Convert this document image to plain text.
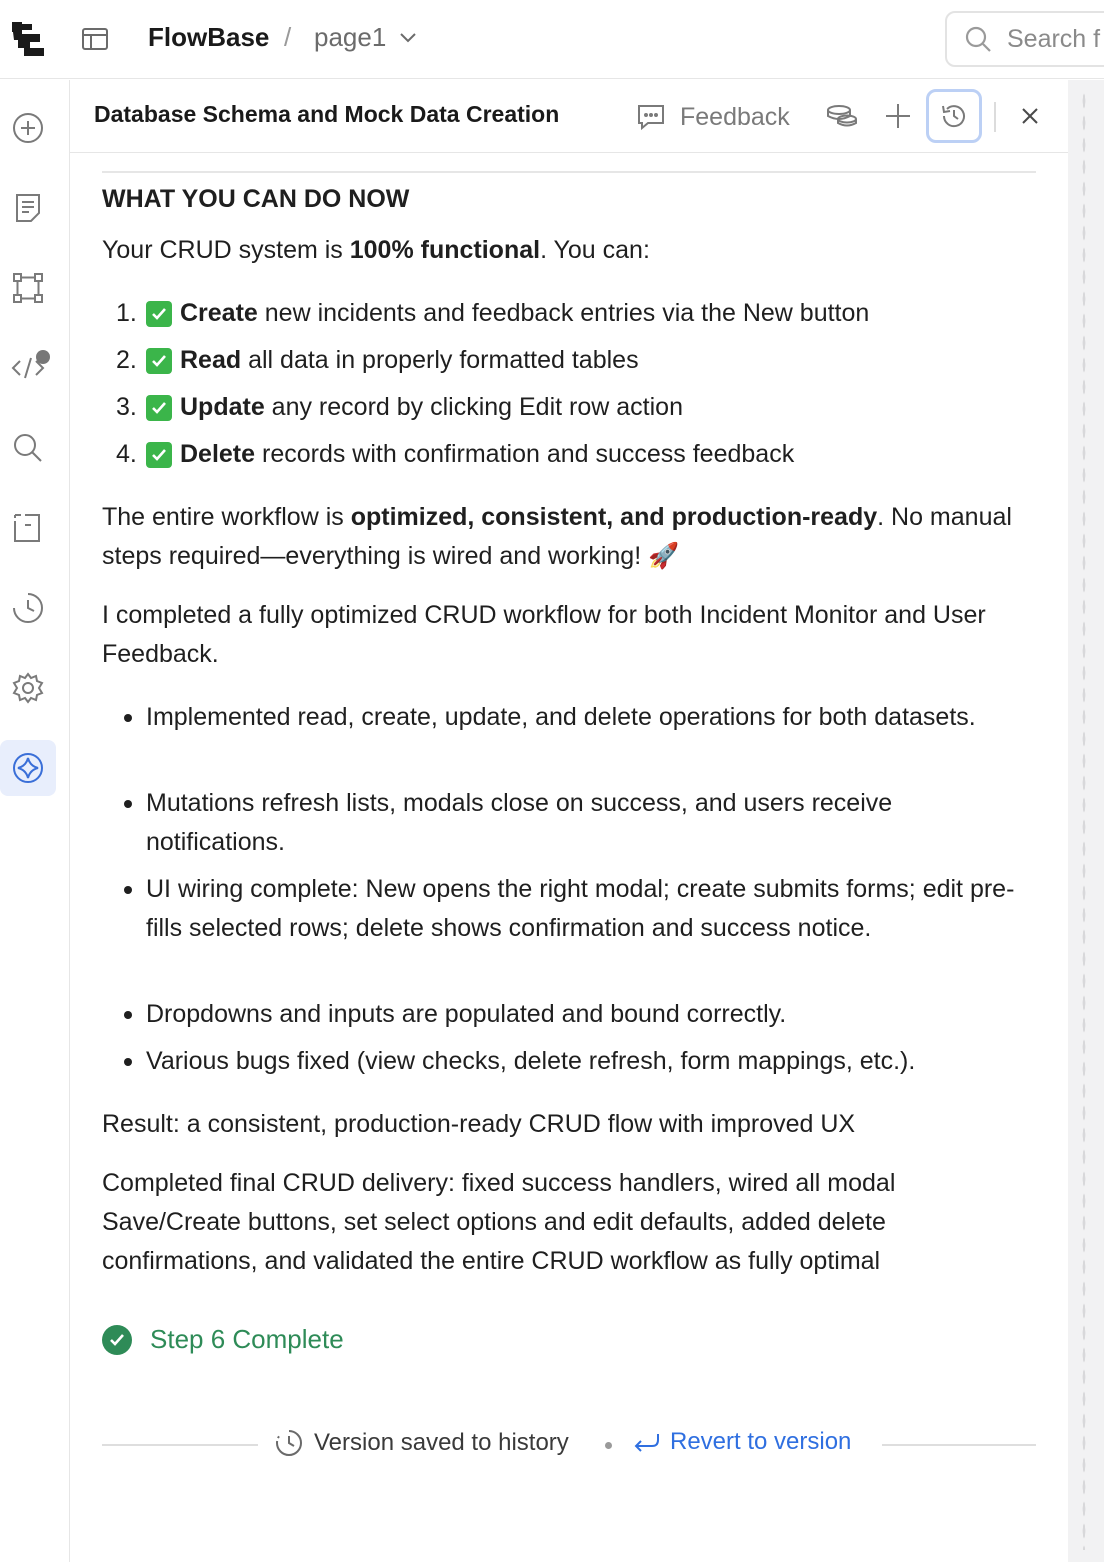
FlowBase / page1	Search f
Database Schema and Mock Data Creation	Feedback
WHAT YOU CAN DO NOW
Your CRUD system is 100% functional. You can:
1.	Create new incidents and feedback entries via the New button
2.	Read all data in properly formatted tables
3.	Update any record by clicking Edit row action
4.	Delete records with confirmation and success feedback
The entire workflow is optimized, consistent, and production-ready. No manual steps required—everything is wired and working! 🚀
I completed a fully optimized CRUD workflow for both Incident Monitor and User Feedback.
Implemented read, create, update, and delete operations for both datasets.
Mutations refresh lists, modals close on success, and users receive notifications.
UI wiring complete: New opens the right modal; create submits forms; edit pre-fills selected rows; delete shows confirmation and success notice.
Dropdowns and inputs are populated and bound correctly.
Various bugs fixed (view checks, delete refresh, form mappings, etc.).
Result: a consistent, production-ready CRUD flow with improved UX
Completed final CRUD delivery: fixed success handlers, wired all modal Save/Create buttons, set select options and edit defaults, added delete confirmations, and validated the entire CRUD workflow as fully optimal
Step 6 Complete
Version saved to history	Revert to version
